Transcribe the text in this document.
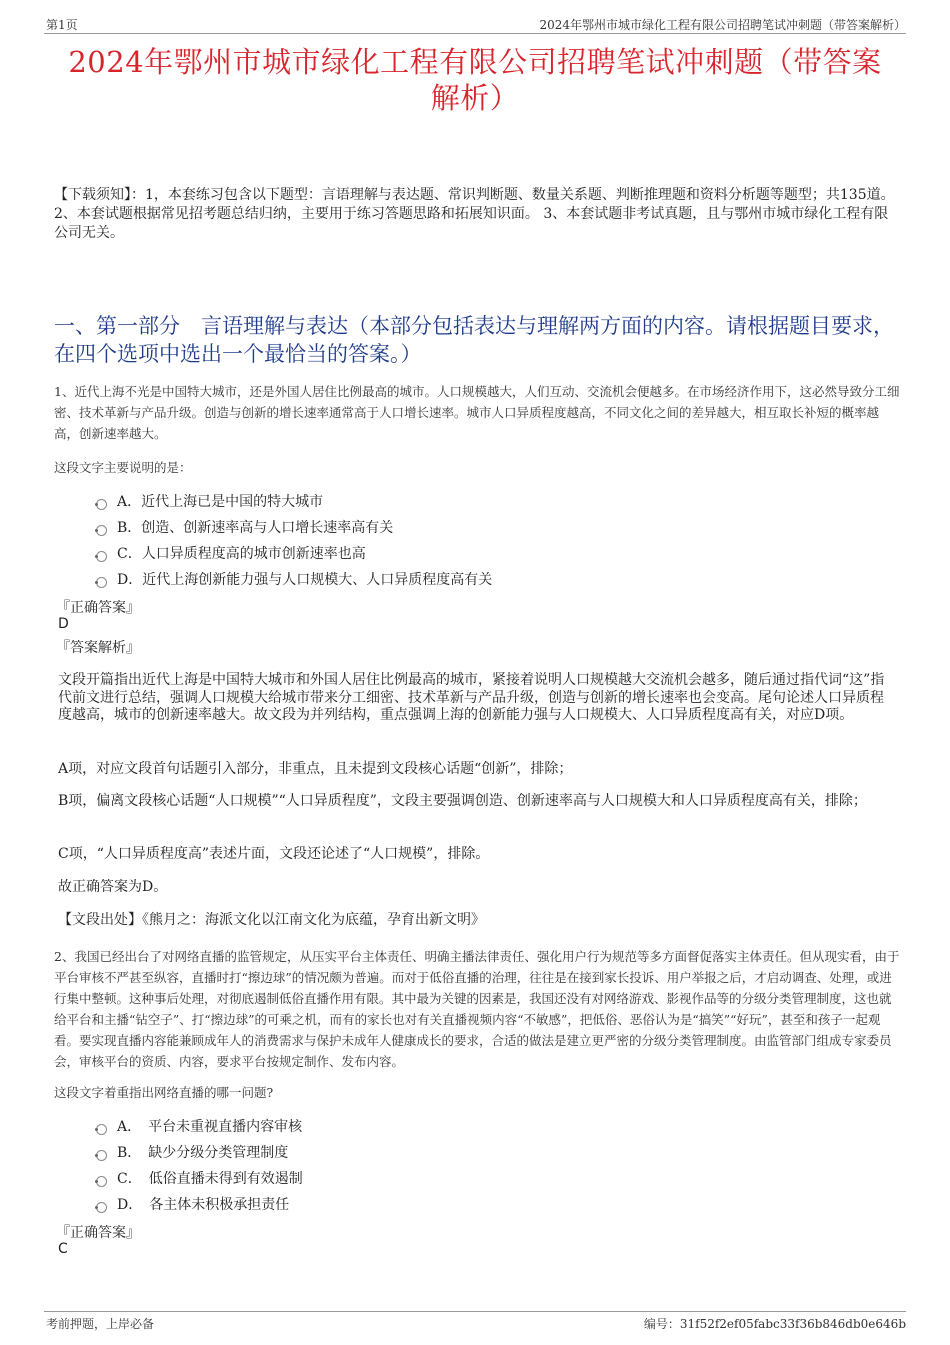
第1页	2024年鄂州市城市绿化工程有限公司招聘笔试冲刺题（带答案解析）
2024年鄂州市城市绿化工程有限公司招聘笔试冲刺题（带答案
解析）
【下载须知】：1，本套练习包含以下题型：言语理解与表达题、常识判断题、数量关系题、判断推理题和资料分析题等题型；共135道。 2、本套试题根据常见招考题总结归纳，主要用于练习答题思路和拓展知识面。 3、本套试题非考试真题，且与鄂州市城市绿化工程有限公司无关。
一、第一部分　言语理解与表达（本部分包括表达与理解两方面的内容。请根据题目要求，在四个选项中选出一个最恰当的答案。）
1、近代上海不光是中国特大城市，还是外国人居住比例最高的城市。人口规模越大，人们互动、交流机会便越多。在市场经济作用下，这必然导致分工细密、技术革新与产品升级。创造与创新的增长速率通常高于人口增长速率。城市人口异质程度越高，不同文化之间的差异越大，相互取长补短的概率越高，创新速率越大。
这段文字主要说明的是：
A．近代上海已是中国的特大城市
B．创造、创新速率高与人口增长速率高有关
C．人口异质程度高的城市创新速率也高
D．近代上海创新能力强与人口规模大、人口异质程度高有关
『正确答案』
D
『答案解析』
文段开篇指出近代上海是中国特大城市和外国人居住比例最高的城市，紧接着说明人口规模越大交流机会越多，随后通过指代词“这”指代前文进行总结，强调人口规模大给城市带来分工细密、技术革新与产品升级，创造与创新的增长速率也会变高。尾句论述人口异质程度越高，城市的创新速率越大。故文段为并列结构，重点强调上海的创新能力强与人口规模大、人口异质程度高有关，对应D项。
A项，对应文段首句话题引入部分，非重点，且未提到文段核心话题“创新”，排除；
B项，偏离文段核心话题“人口规模”“人口异质程度”，文段主要强调创造、创新速率高与人口规模大和人口异质程度高有关，排除；
C项，“人口异质程度高”表述片面，文段还论述了“人口规模”，排除。
故正确答案为D。
【文段出处】《熊月之：海派文化以江南文化为底蕴，孕育出新文明》
2、我国已经出台了对网络直播的监管规定，从压实平台主体责任、明确主播法律责任、强化用户行为规范等多方面督促落实主体责任。但从现实看，由于平台审核不严甚至纵容，直播时打“擦边球”的情况颇为普遍。而对于低俗直播的治理，往往是在接到家长投诉、用户举报之后，才启动调查、处理，或进行集中整顿。这种事后处理，对彻底遏制低俗直播作用有限。其中最为关键的因素是，我国还没有对网络游戏、影视作品等的分级分类管理制度，这也就给平台和主播“钻空子”、打“擦边球”的可乘之机，而有的家长也对有关直播视频内容“不敏感”，把低俗、恶俗认为是“搞笑”“好玩”，甚至和孩子一起观看。要实现直播内容能兼顾成年人的消费需求与保护未成年人健康成长的要求，合适的做法是建立更严密的分级分类管理制度。由监管部门组成专家委员会，审核平台的资质、内容，要求平台按规定制作、发布内容。
这段文字着重指出网络直播的哪一问题?
A．　平台未重视直播内容审核
B．　缺少分级分类管理制度
C．　低俗直播未得到有效遏制
D．　各主体未积极承担责任
『正确答案』
C
考前押题，上岸必备	编号：31f52f2ef05fabc33f36b846db0e646b
